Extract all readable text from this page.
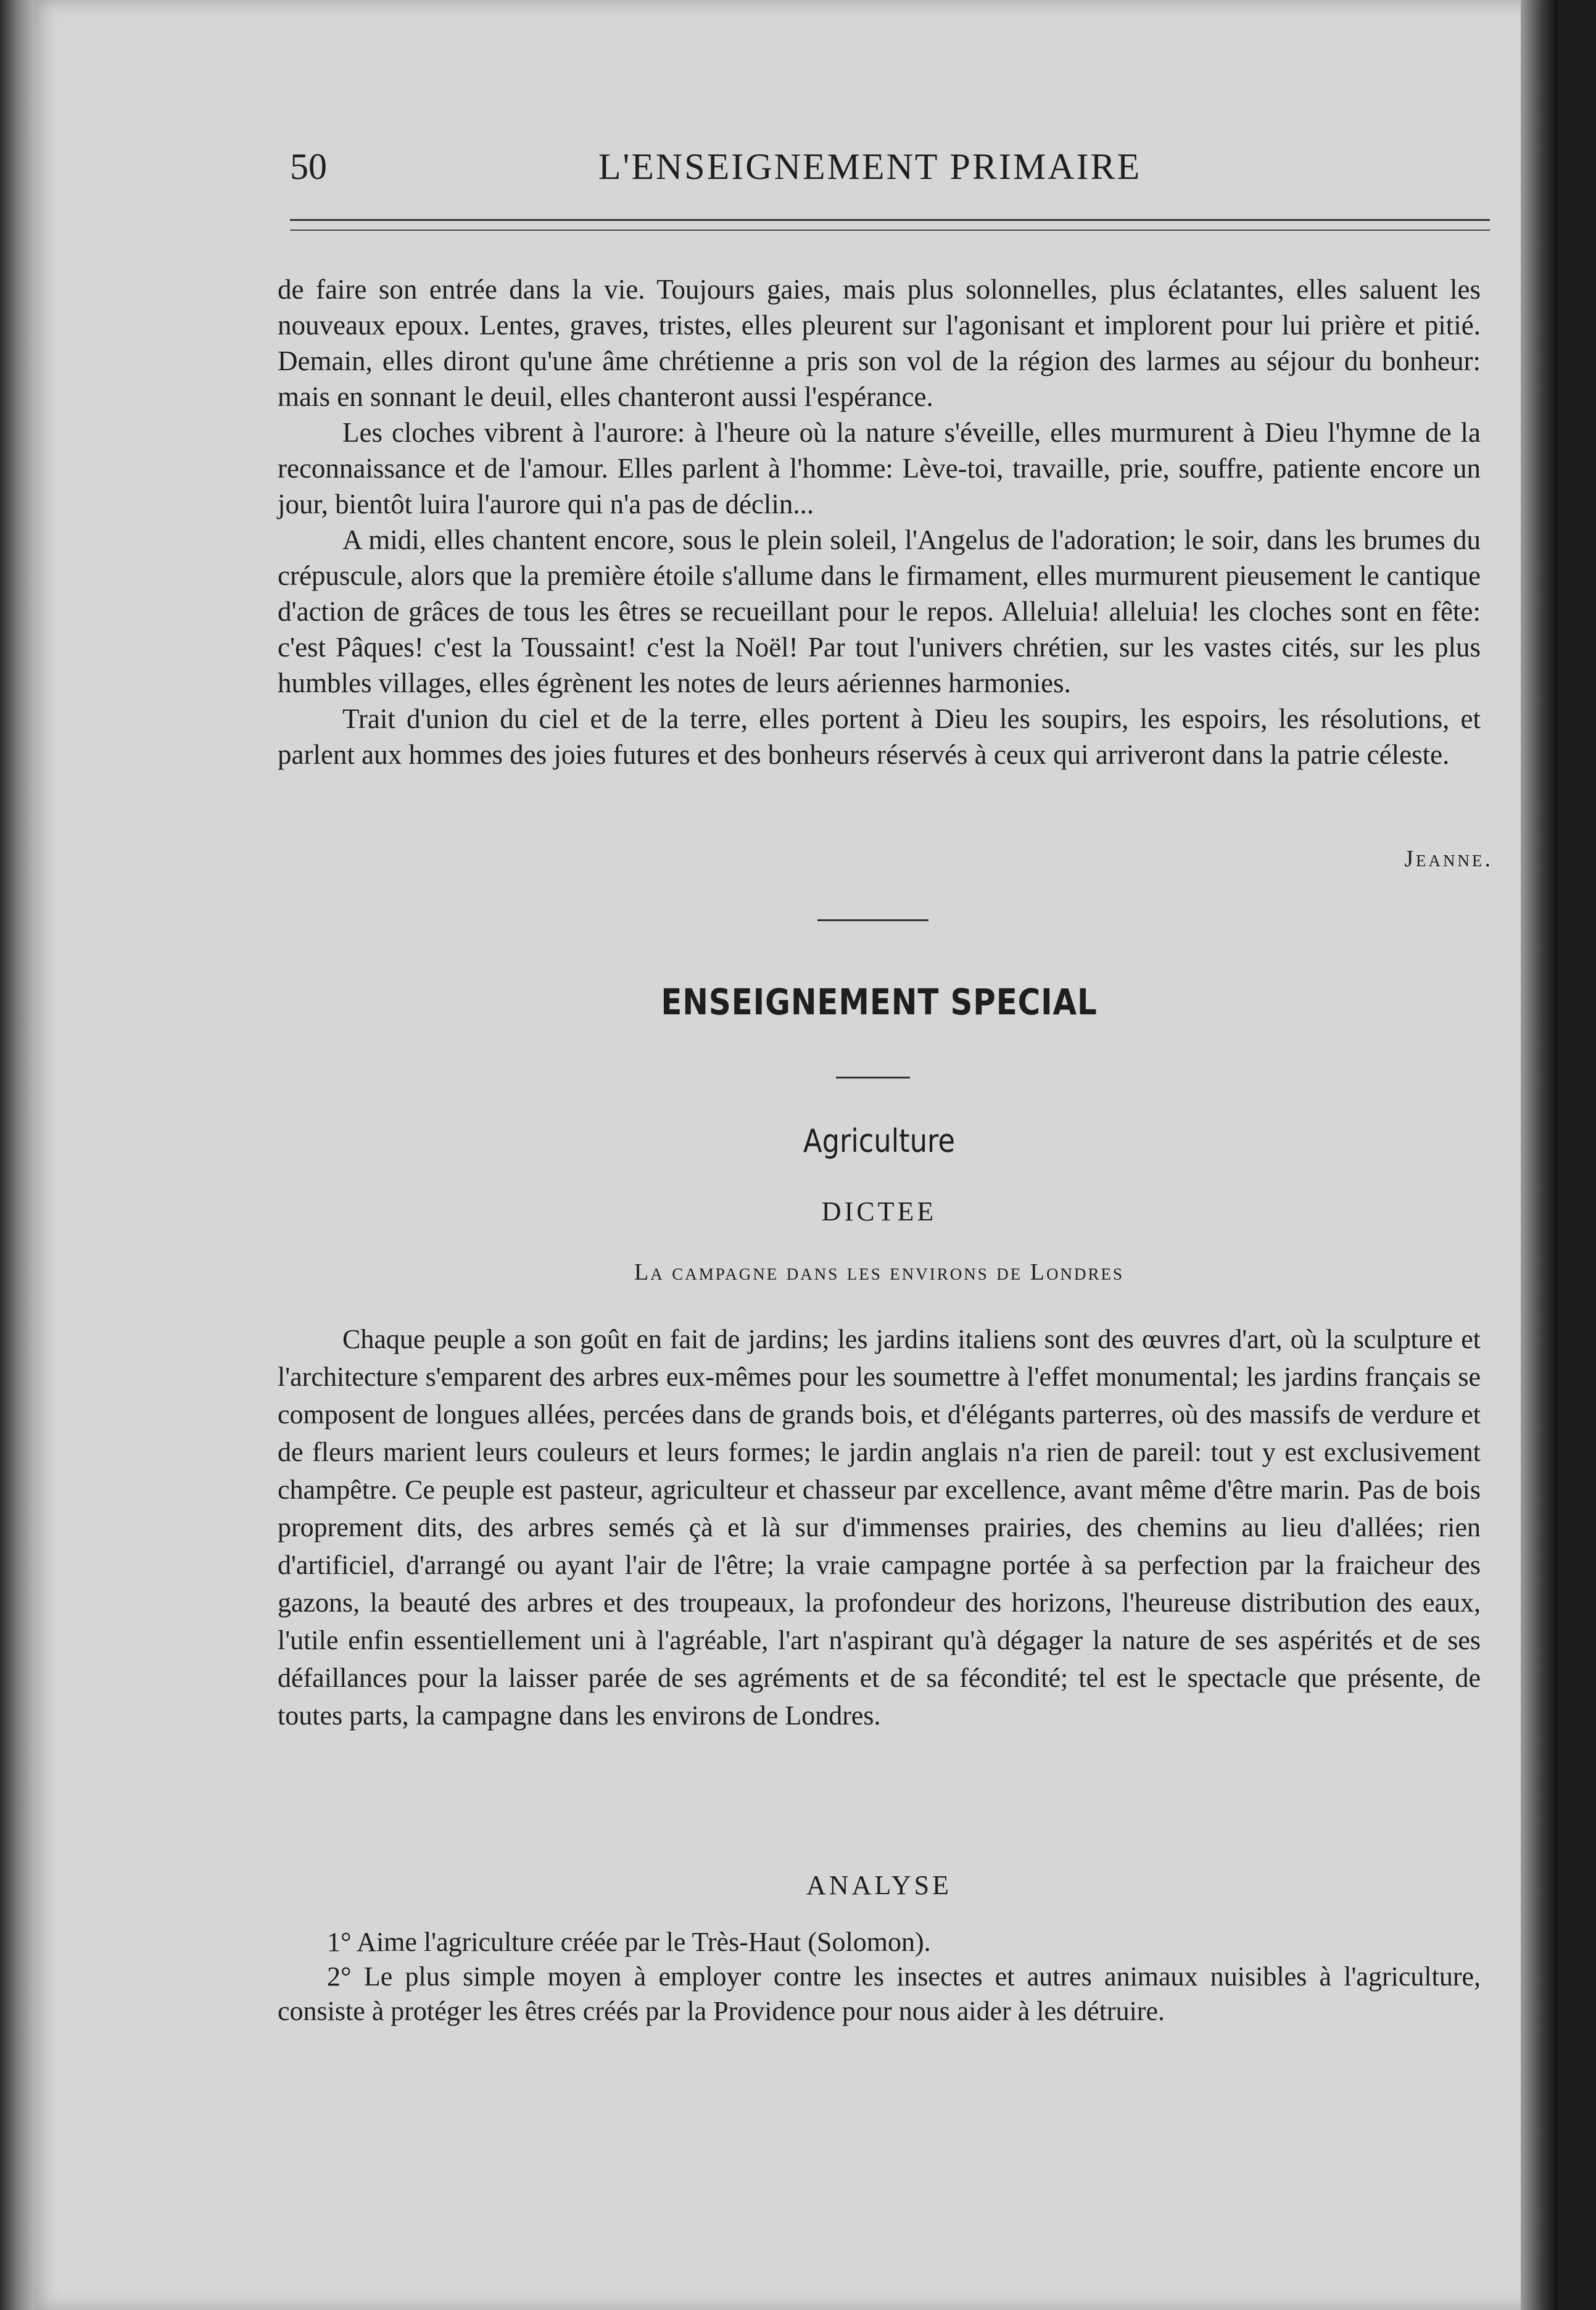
50	L'ENSEIGNEMENT PRIMAIRE

de faire son entrée dans la vie. Toujours gaies, mais plus solonnelles, plus éclatantes, elles saluent les nouveaux epoux. Lentes, graves, tristes, elles pleurent sur l'agonisant et implorent pour lui prière et pitié. Demain, elles diront qu'une âme chrétienne a pris son vol de la région des larmes au séjour du bonheur: mais en sonnant le deuil, elles chanteront aussi l'espérance.

Les cloches vibrent à l'aurore: à l'heure où la nature s'éveille, elles murmurent à Dieu l'hymne de la reconnaissance et de l'amour. Elles parlent à l'homme: Lève-toi, travaille, prie, souffre, patiente encore un jour, bientôt luira l'aurore qui n'a pas de déclin...

A midi, elles chantent encore, sous le plein soleil, l'Angelus de l'adoration; le soir, dans les brumes du crépuscule, alors que la première étoile s'allume dans le firmament, elles murmurent pieusement le cantique d'action de grâces de tous les êtres se recueillant pour le repos. Alleluia! alleluia! les cloches sont en fête: c'est Pâques! c'est la Toussaint! c'est la Noël! Par tout l'univers chrétien, sur les vastes cités, sur les plus humbles villages, elles égrènent les notes de leurs aériennes harmonies.

Trait d'union du ciel et de la terre, elles portent à Dieu les soupirs, les espoirs, les résolutions, et parlent aux hommes des joies futures et des bonheurs réservés à ceux qui arriveront dans la patrie céleste.

Jeanne.
ENSEIGNEMENT SPECIAL
Agriculture
DICTEE
La campagne dans les environs de Londres

Chaque peuple a son goût en fait de jardins; les jardins italiens sont des œuvres d'art, où la sculpture et l'architecture s'emparent des arbres eux-mêmes pour les soumettre à l'effet monumental; les jardins français se composent de longues allées, percées dans de grands bois, et d'élégants parterres, où des massifs de verdure et de fleurs marient leurs couleurs et leurs formes; le jardin anglais n'a rien de pareil: tout y est exclusivement champêtre. Ce peuple est pasteur, agriculteur et chasseur par excellence, avant même d'être marin. Pas de bois proprement dits, des arbres semés çà et là sur d'immenses prairies, des chemins au lieu d'allées; rien d'artificiel, d'arrangé ou ayant l'air de l'être; la vraie campagne portée à sa perfection par la fraicheur des gazons, la beauté des arbres et des troupeaux, la profondeur des horizons, l'heureuse distribution des eaux, l'utile enfin essentiellement uni à l'agréable, l'art n'aspirant qu'à dégager la nature de ses aspérités et de ses défaillances pour la laisser parée de ses agréments et de sa fécondité; tel est le spectacle que présente, de toutes parts, la campagne dans les environs de Londres.

ANALYSE

1° Aime l'agriculture créée par le Très-Haut (Solomon).

2° Le plus simple moyen à employer contre les insectes et autres animaux nuisibles à l'agriculture, consiste à protéger les êtres créés par la Providence pour nous aider à les détruire.
